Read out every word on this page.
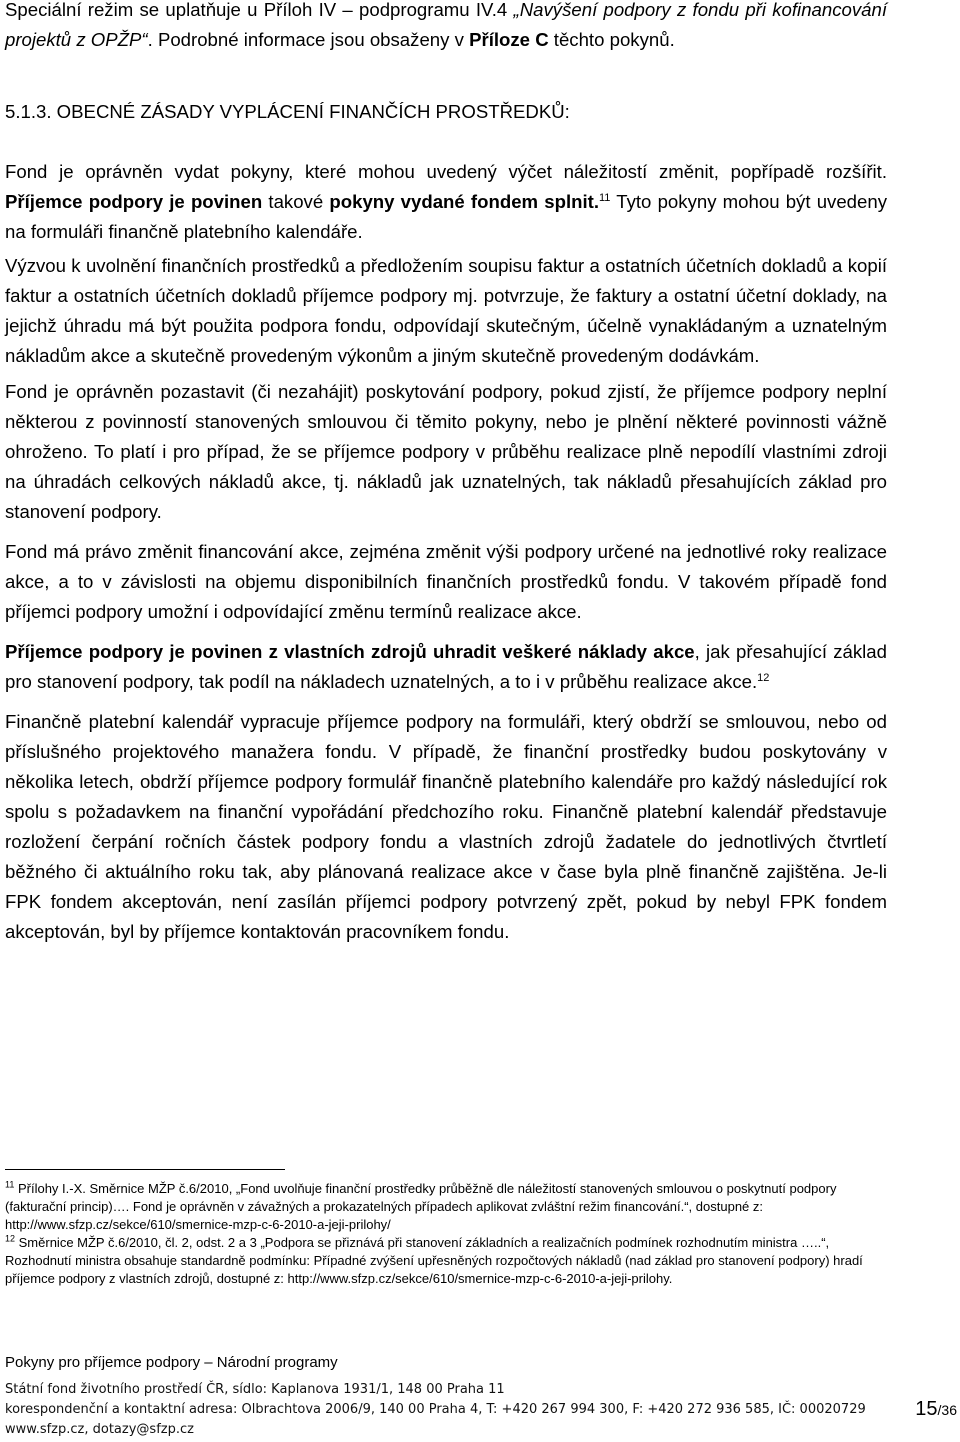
Speciální režim se uplatňuje u Příloh IV – podprogramu IV.4 „Navýšení podpory z fondu při kofinancování projektů z OPŽP“. Podrobné informace jsou obsaženy v Příloze C těchto pokynů.

5.1.3. OBECNÉ ZÁSADY VYPLÁCENÍ FINANČÍCH PROSTŘEDKŮ:

Fond je oprávněn vydat pokyny, které mohou uvedený výčet náležitostí změnit, popřípadě rozšířit. Příjemce podpory je povinen takové pokyny vydané fondem splnit.$^{11}$ Tyto pokyny mohou být uvedeny na formuláři finančně platebního kalendáře.

Výzvou k uvolnění finančních prostředků a předložením soupisu faktur a ostatních účetních dokladů a kopií faktur a ostatních účetních dokladů příjemce podpory mj. potvrzuje, že faktury a ostatní účetní doklady, na jejichž úhradu má být použita podpora fondu, odpovídají skutečným, účelně vynakládaným a uznatelným nákladům akce a skutečně provedeným výkonům a jiným skutečně provedeným dodávkám.

Fond je oprávněn pozastavit (či nezahájit) poskytování podpory, pokud zjistí, že příjemce podpory neplní některou z povinností stanovených smlouvou či těmito pokyny, nebo je plnění některé povinnosti vážně ohroženo. To platí i pro případ, že se příjemce podpory v průběhu realizace plně nepodílí vlastními zdroji na úhradách celkových nákladů akce, tj. nákladů jak uznatelných, tak nákladů přesahujících základ pro stanovení podpory.

Fond má právo změnit financování akce, zejména změnit výši podpory určené na jednotlivé roky realizace akce, a to v závislosti na objemu disponibilních finančních prostředků fondu. V takovém případě fond příjemci podpory umožní i odpovídající změnu termínů realizace akce.

Příjemce podpory je povinen z vlastních zdrojů uhradit veškeré náklady akce, jak přesahující základ pro stanovení podpory, tak podíl na nákladech uznatelných, a to i v průběhu realizace akce.$^{12}$

Finančně platební kalendář vypracuje příjemce podpory na formuláři, který obdrží se smlouvou, nebo od příslušného projektového manažera fondu. V případě, že finanční prostředky budou poskytovány v několika letech, obdrží příjemce podpory formulář finančně platebního kalendáře pro každý následující rok spolu s požadavkem na finanční vypořádání předchozího roku. Finančně platební kalendář představuje rozložení čerpání ročních částek podpory fondu a vlastních zdrojů žadatele do jednotlivých čtvrtletí běžného či aktuálního roku tak, aby plánovaná realizace akce v čase byla plně finančně zajištěna. Je-li FPK fondem akceptován, není zasílán příjemci podpory potvrzený zpět, pokud by nebyl FPK fondem akceptován, byl by příjemce kontaktován pracovníkem fondu.

$^{11}$ Přílohy I.-X. Směrnice MŽP č.6/2010, „Fond uvolňuje finanční prostředky průběžně dle náležitostí stanovených smlouvou o poskytnutí podpory (fakturační princip)…. Fond je oprávněn v závažných a prokazatelných případech aplikovat zvláštní režim financování.“, dostupné z: http://www.sfzp.cz/sekce/610/smernice-mzp-c-6-2010-a-jeji-prilohy/

$^{12}$ Směrnice MŽP č.6/2010, čl. 2, odst. 2 a 3 „Podpora se přiznává při stanovení základních a realizačních podmínek rozhodnutím ministra …..“, Rozhodnutí ministra obsahuje standardně podmínku: Případné zvýšení upřesněných rozpočtových nákladů (nad základ pro stanovení podpory) hradí příjemce podpory z vlastních zdrojů, dostupné z: http://www.sfzp.cz/sekce/610/smernice-mzp-c-6-2010-a-jeji-prilohy.

Pokyny pro příjemce podpory – Národní programy
Státní fond životního prostředí ČR, sídlo: Kaplanova 1931/1, 148 00 Praha 11
korespondenční a kontaktní adresa: Olbrachtova 2006/9, 140 00 Praha 4, T: +420 267 994 300, F: +420 272 936 585, IČ: 00020729
www.sfzp.cz, dotazy@sfzp.cz
15/36
